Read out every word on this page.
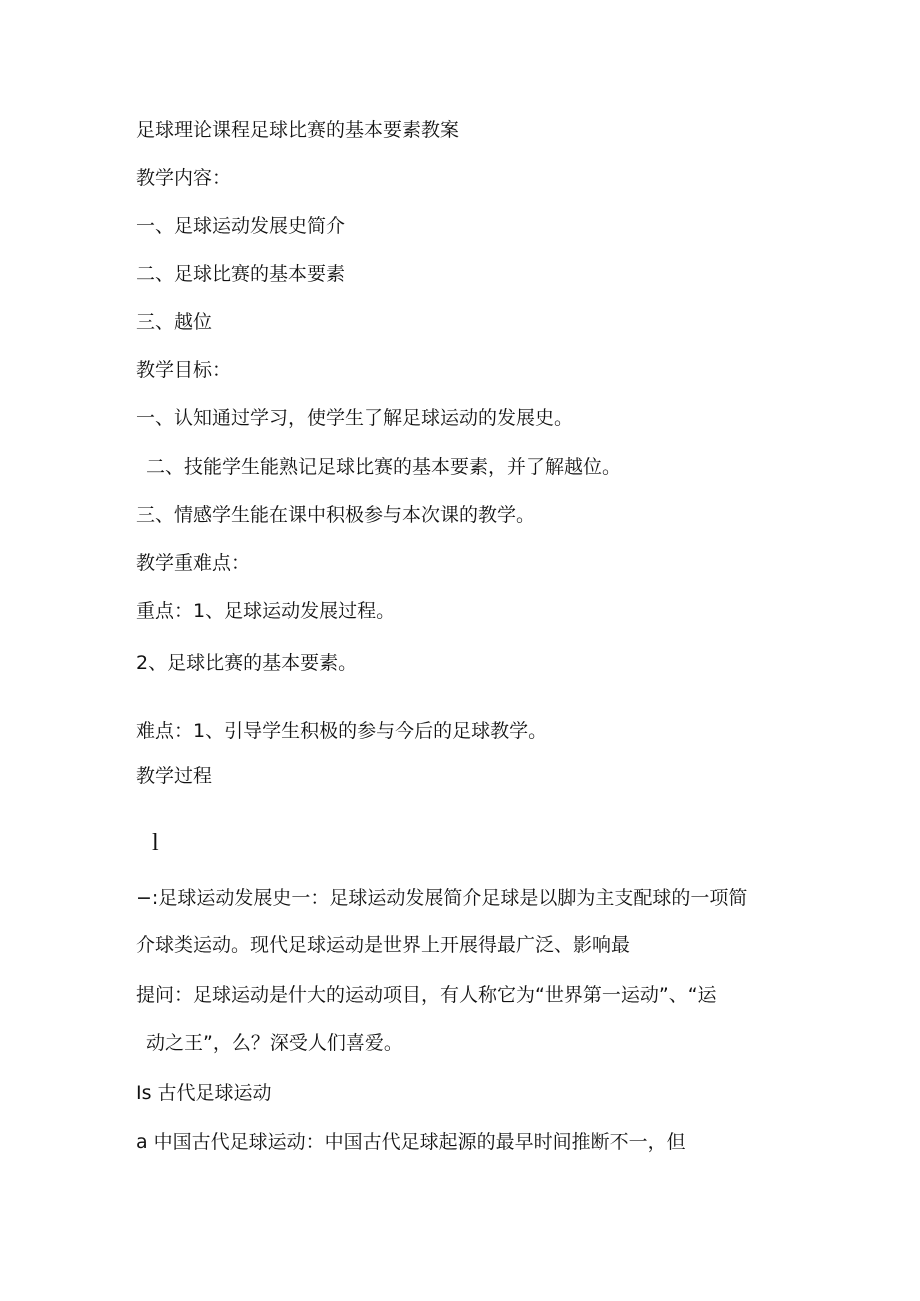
足球理论课程足球比赛的基本要素教案
教学内容：
一、足球运动发展史简介
二、足球比赛的基本要素
三、越位
教学目标：
一、认知通过学习，使学生了解足球运动的发展史。
二、技能学生能熟记足球比赛的基本要素，并了解越位。
三、情感学生能在课中积极参与本次课的教学。
教学重难点：
重点：1、足球运动发展过程。
2、足球比赛的基本要素。
难点：1、引导学生积极的参与今后的足球教学。
教学过程
l
−:足球运动发展史一：足球运动发展简介足球是以脚为主支配球的一项简
介球类运动。现代足球运动是世界上开展得最广泛、影响最
提问：足球运动是什大的运动项目，有人称它为“世界第一运动”、“运
动之王”，么？深受人们喜爱。
Is 古代足球运动
a 中国古代足球运动：中国古代足球起源的最早时间推断不一，但
